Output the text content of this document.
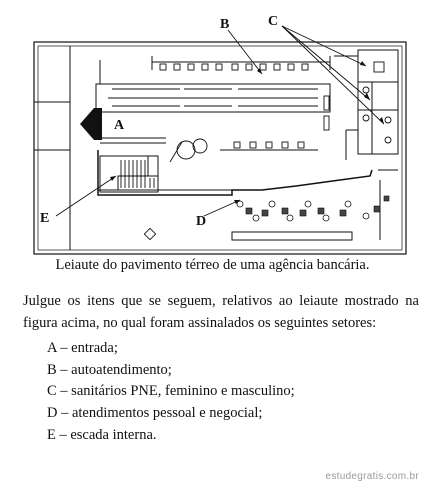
A
B	C
D
E
Leiaute do pavimento térreo de uma agência bancária.
Julgue os itens que se seguem, relativos ao leiaute mostrado na figura acima, no qual foram assinalados os seguintes setores:
A – entrada;
B – autoatendimento;
C – sanitários PNE, feminino e masculino;
D – atendimentos pessoal e negocial;
E – escada interna.
estudegratis.com.br
